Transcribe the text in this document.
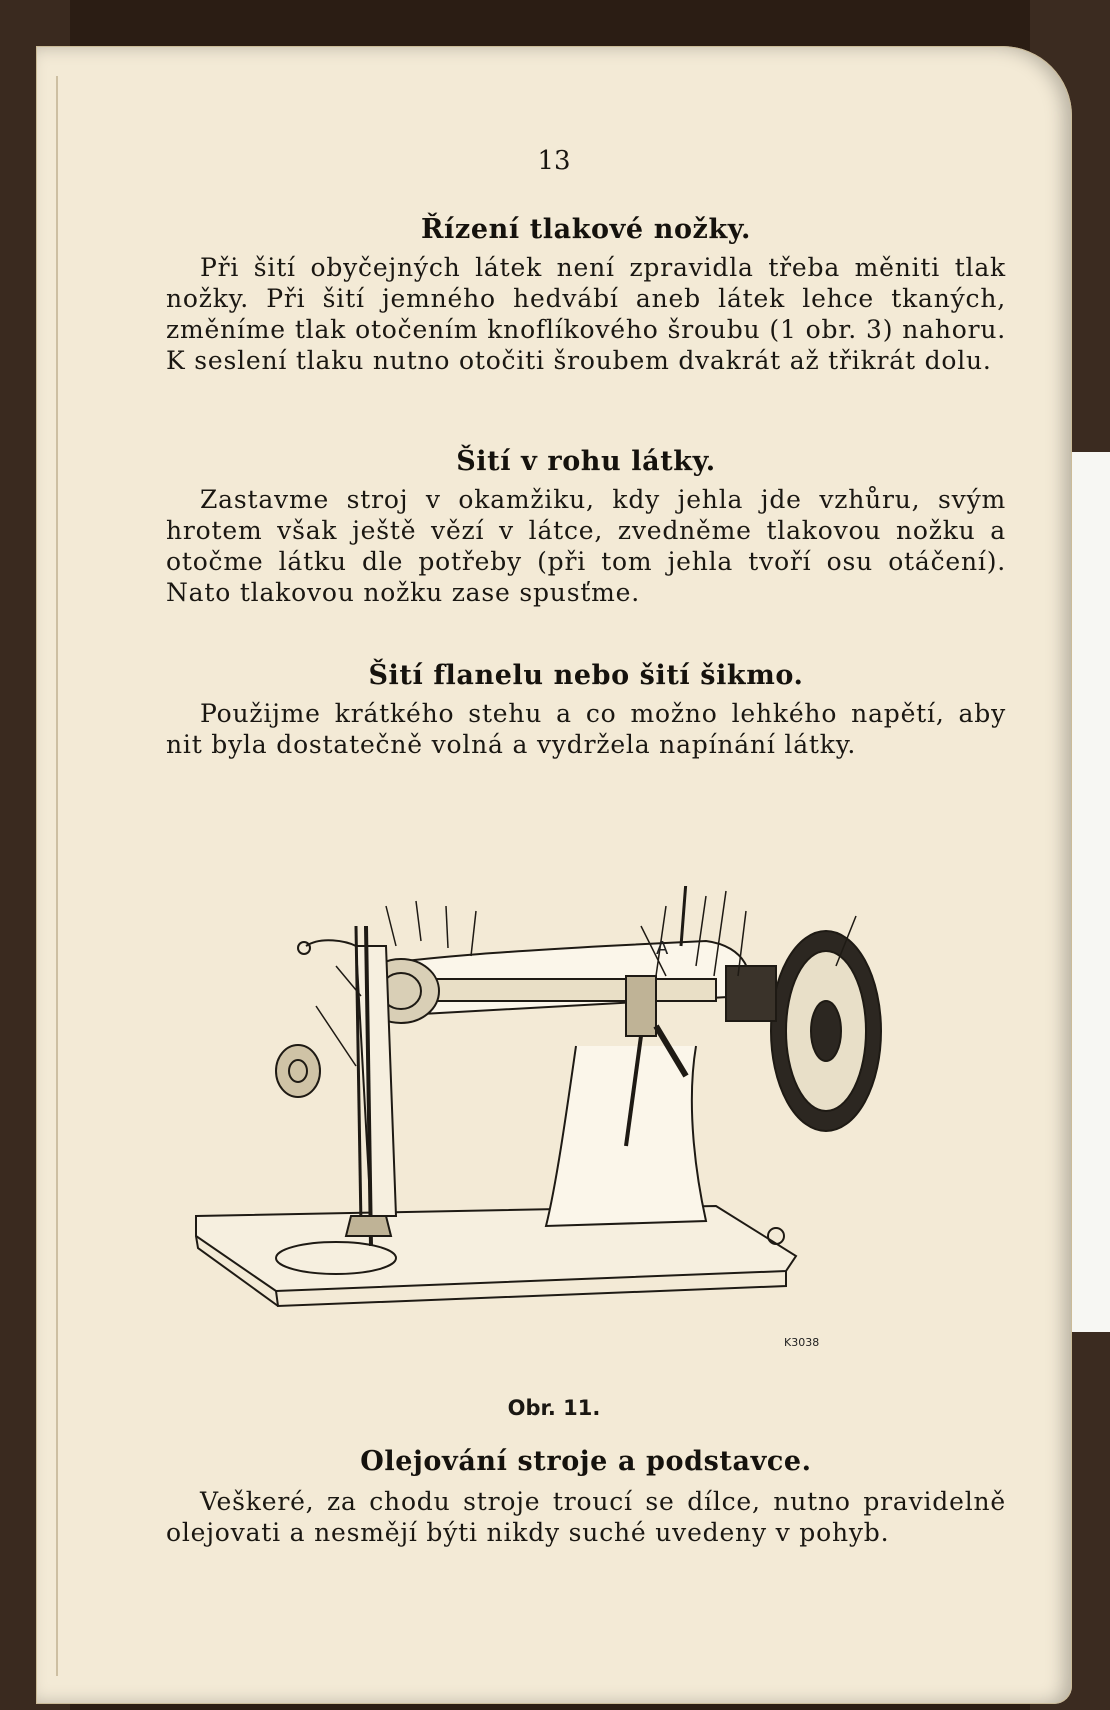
13
Řízení tlakové nožky.
Při šití obyčejných látek není zpravidla třeba měniti tlak nožky. Při šití jemného hedvábí aneb látek lehce tkaných, změníme tlak otočením knoflíkového šroubu (1 obr. 3) nahoru. K seslení tlaku nutno otočiti šroubem dvakrát až třikrát dolu.
Šití v rohu látky.
Zastavme stroj v okamžiku, kdy jehla jde vzhůru, svým hrotem však ještě vězí v látce, zvedněme tlakovou nožku a otočme látku dle potřeby (při tom jehla tvoří osu otáčení). Nato tlakovou nožku zase spusťme.
Šití flanelu nebo šití šikmo.
Použijme krátkého stehu a co možno lehkého napětí, aby nit byla dostatečně volná a vydržela napínání látky.
A
K3038
Obr. 11.
Olejování stroje a podstavce.
Veškeré, za chodu stroje troucí se dílce, nutno pravidelně olejovati a nesmějí býti nikdy suché uvedeny v pohyb.
